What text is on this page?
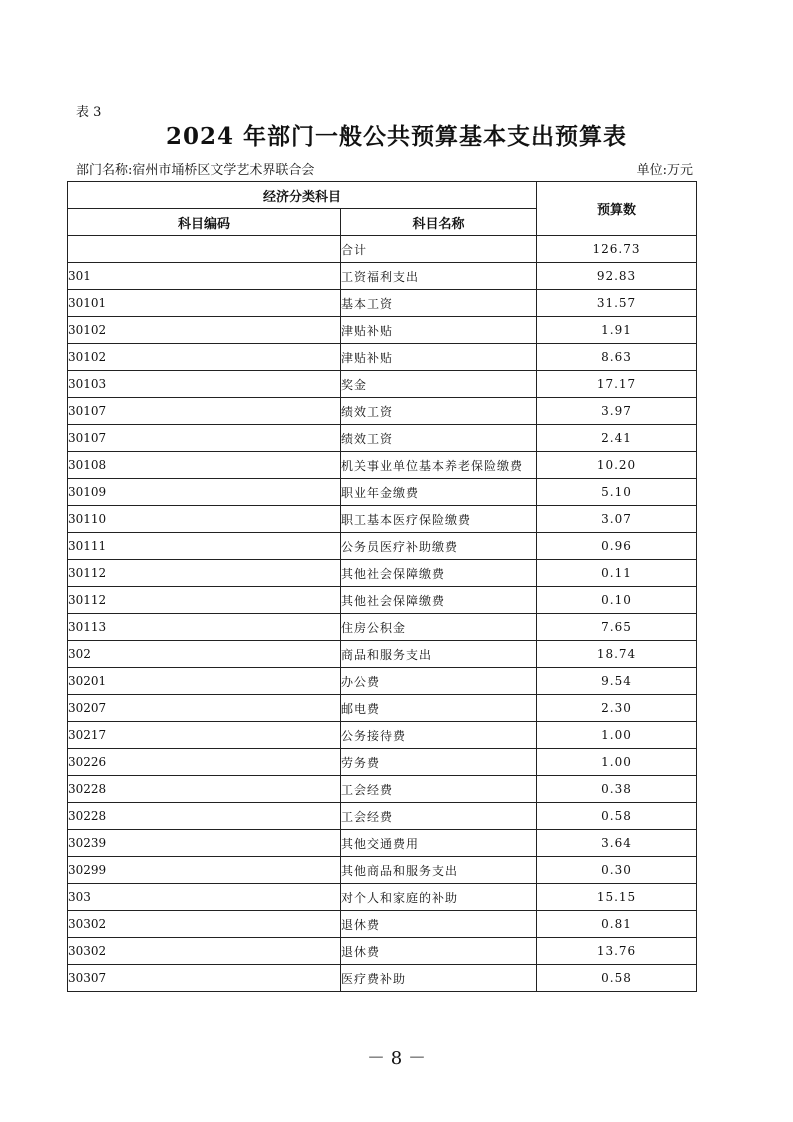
表 3
2024 年部门一般公共预算基本支出预算表
部门名称:宿州市埇桥区文学艺术界联合会	单位:万元
经济分类科目		预算数
科目编码	科目名称	
	合计	126.73
301	工资福利支出	92.83
30101	基本工资	31.57
30102	津贴补贴	1.91
30102	津贴补贴	8.63
30103	奖金	17.17
30107	绩效工资	3.97
30107	绩效工资	2.41
30108	机关事业单位基本养老保险缴费	10.20
30109	职业年金缴费	5.10
30110	职工基本医疗保险缴费	3.07
30111	公务员医疗补助缴费	0.96
30112	其他社会保障缴费	0.11
30112	其他社会保障缴费	0.10
30113	住房公积金	7.65
302	商品和服务支出	18.74
30201	办公费	9.54
30207	邮电费	2.30
30217	公务接待费	1.00
30226	劳务费	1.00
30228	工会经费	0.38
30228	工会经费	0.58
30239	其他交通费用	3.64
30299	其他商品和服务支出	0.30
303	对个人和家庭的补助	15.15
30302	退休费	0.81
30302	退休费	13.76
30307	医疗费补助	0.58
－ 8 －
